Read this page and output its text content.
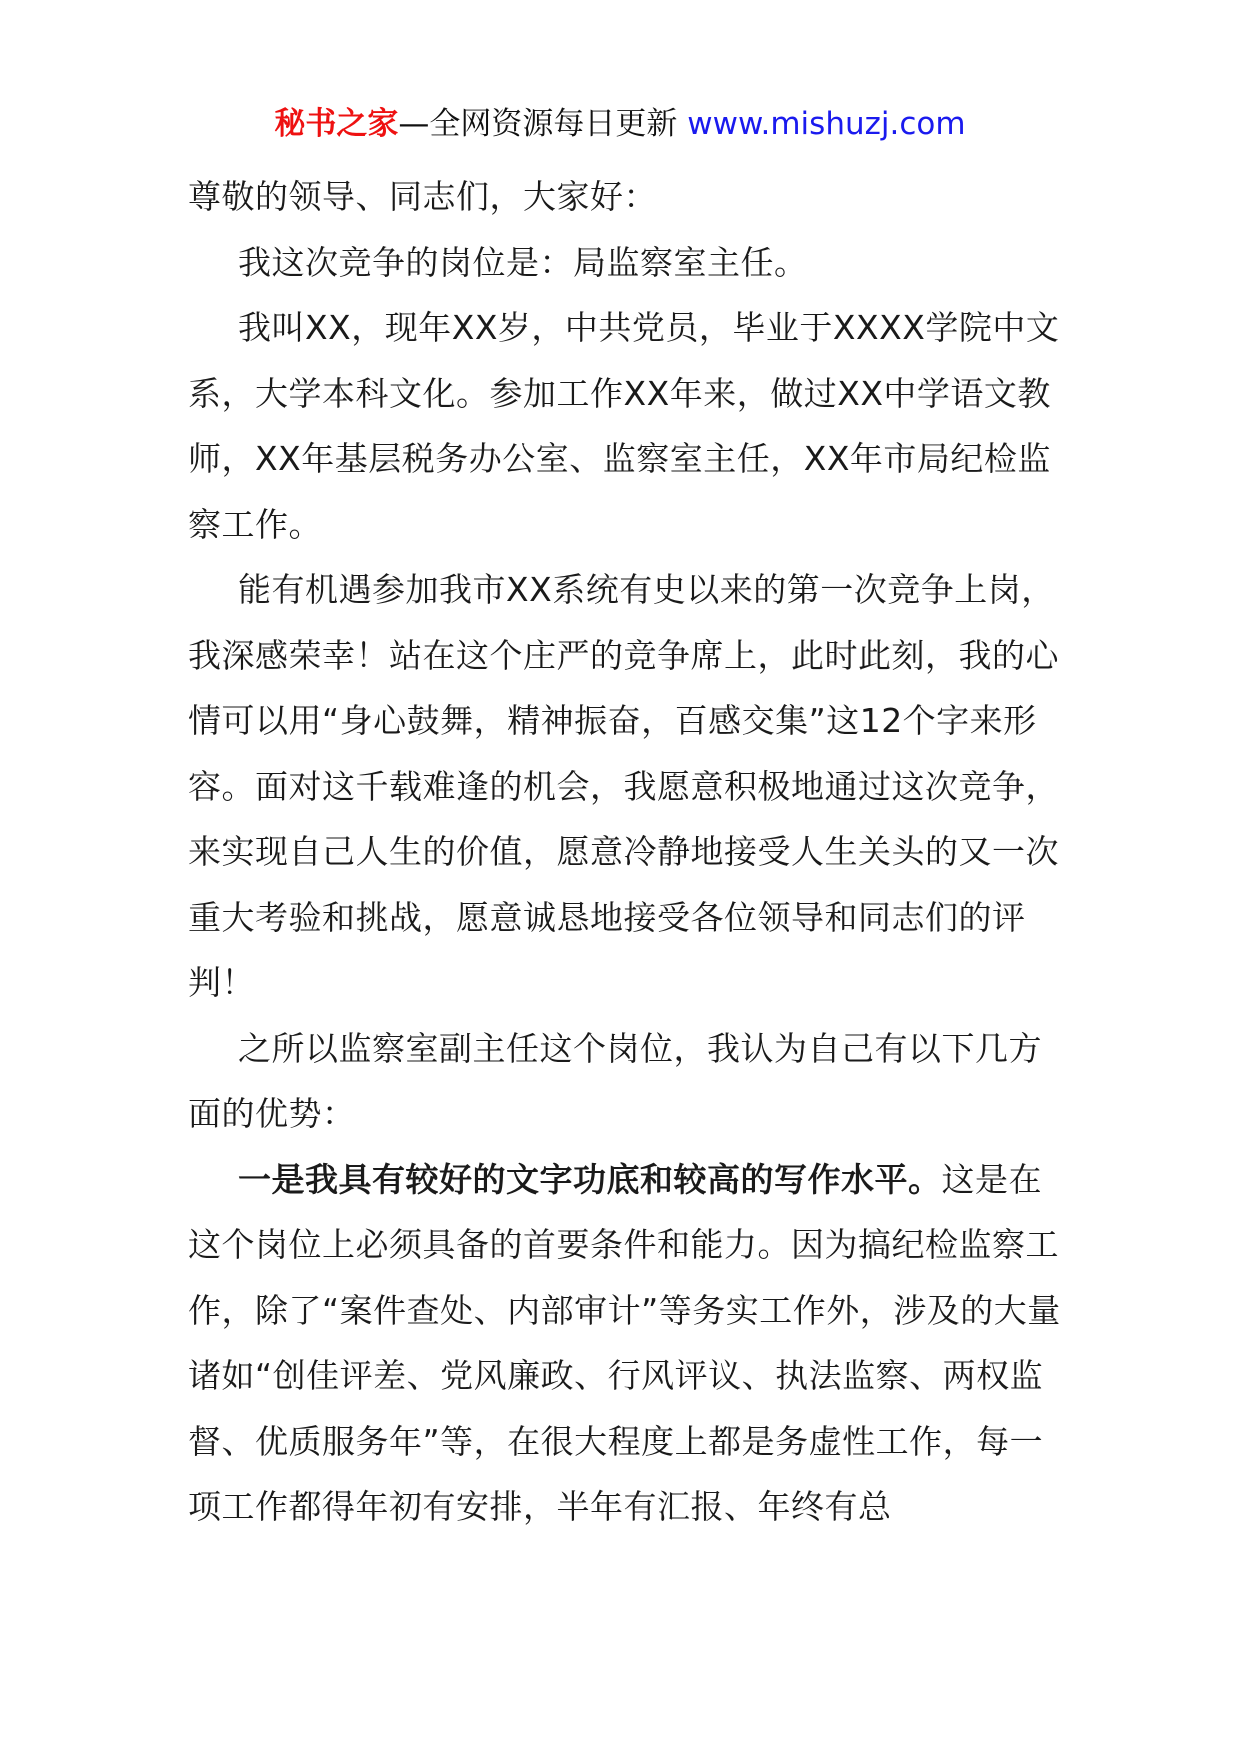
秘书之家—全网资源每日更新 www.mishuzj.com

尊敬的领导、同志们，大家好：

我这次竞争的岗位是：局监察室主任。

我叫XX，现年XX岁，中共党员，毕业于XXXX学院中文系，大学本科文化。参加工作XX年来，做过XX中学语文教师，XX年基层税务办公室、监察室主任，XX年市局纪检监察工作。

能有机遇参加我市XX系统有史以来的第一次竞争上岗，我深感荣幸！站在这个庄严的竞争席上，此时此刻，我的心情可以用“身心鼓舞，精神振奋，百感交集”这12个字来形容。面对这千载难逢的机会，我愿意积极地通过这次竞争，来实现自己人生的价值，愿意冷静地接受人生关头的又一次重大考验和挑战，愿意诚恳地接受各位领导和同志们的评判！

之所以监察室副主任这个岗位，我认为自己有以下几方面的优势：

一是我具有较好的文字功底和较高的写作水平。这是在这个岗位上必须具备的首要条件和能力。因为搞纪检监察工作，除了“案件查处、内部审计”等务实工作外，涉及的大量诸如“创佳评差、党风廉政、行风评议、执法监察、两权监督、优质服务年”等，在很大程度上都是务虚性工作，每一项工作都得年初有安排，半年有汇报、年终有总
